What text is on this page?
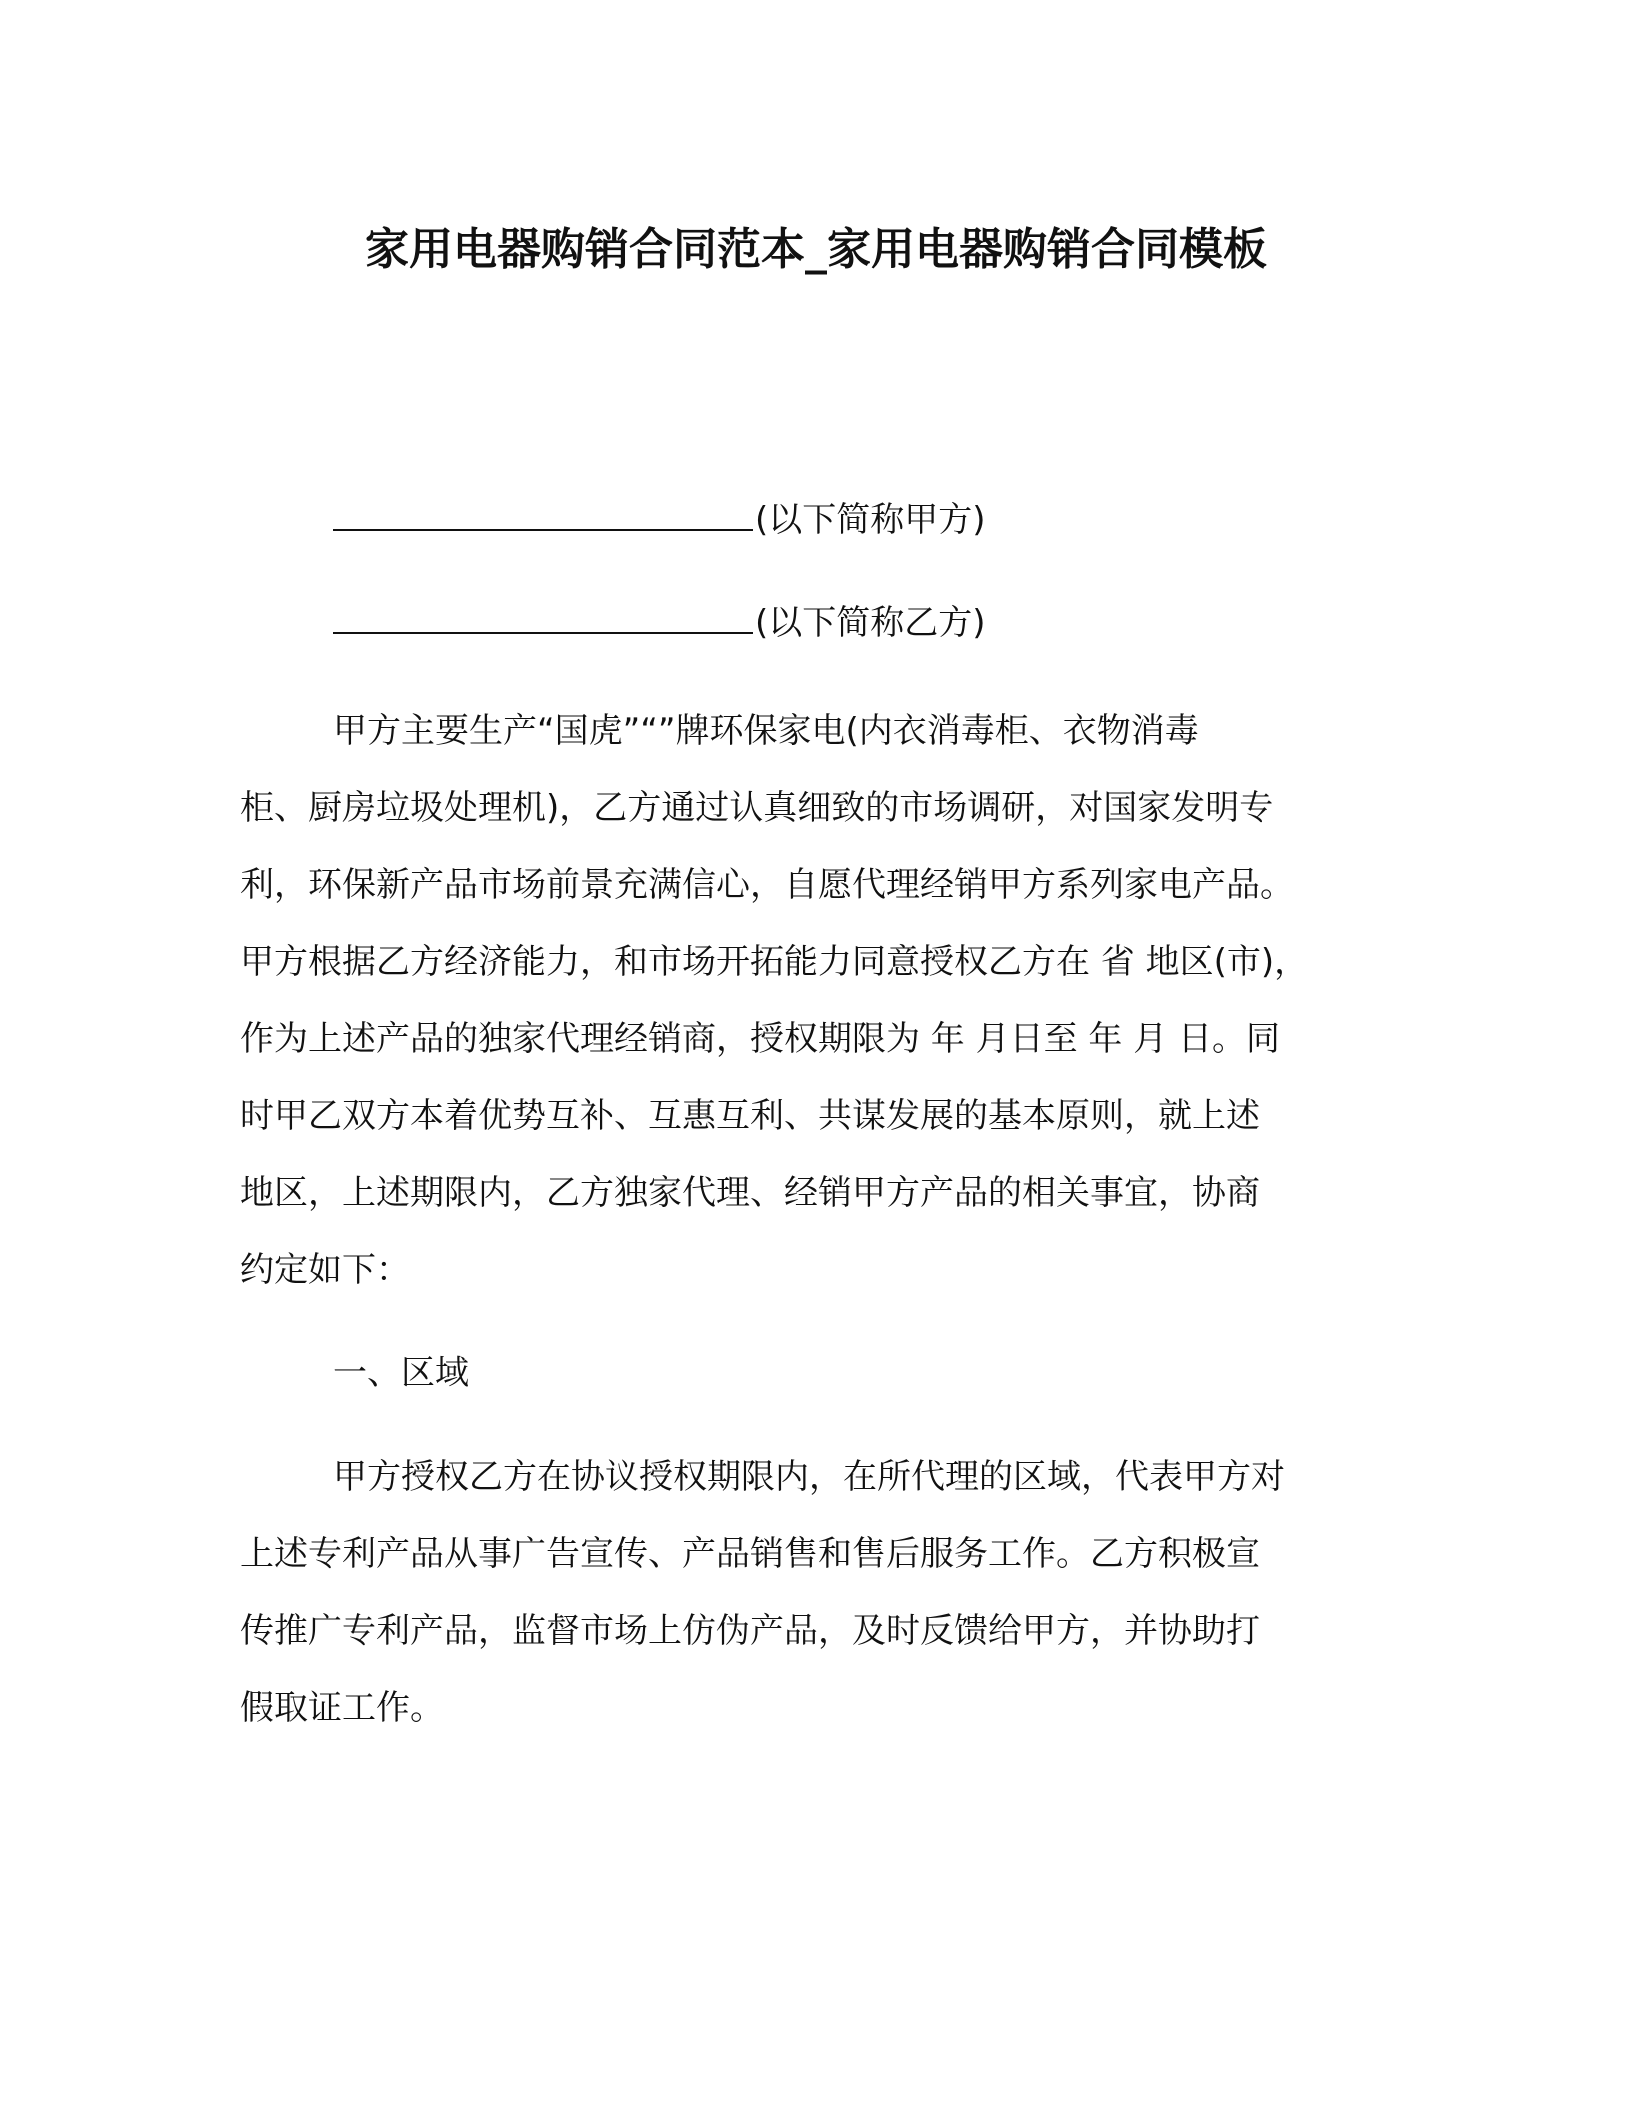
家用电器购销合同范本_家用电器购销合同模板
(以下简称甲方)
(以下简称乙方)
甲方主要生产“国虎”“”牌环保家电(内衣消毒柜、衣物消毒
柜、厨房垃圾处理机)，乙方通过认真细致的市场调研，对国家发明专
利，环保新产品市场前景充满信心，自愿代理经销甲方系列家电产品。
甲方根据乙方经济能力，和市场开拓能力同意授权乙方在 省 地区(市)，
作为上述产品的独家代理经销商，授权期限为 年 月日至 年 月 日。同
时甲乙双方本着优势互补、互惠互利、共谋发展的基本原则，就上述
地区，上述期限内，乙方独家代理、经销甲方产品的相关事宜，协商
约定如下：
一、区域
甲方授权乙方在协议授权期限内，在所代理的区域，代表甲方对
上述专利产品从事广告宣传、产品销售和售后服务工作。乙方积极宣
传推广专利产品，监督市场上仿伪产品，及时反馈给甲方，并协助打
假取证工作。
